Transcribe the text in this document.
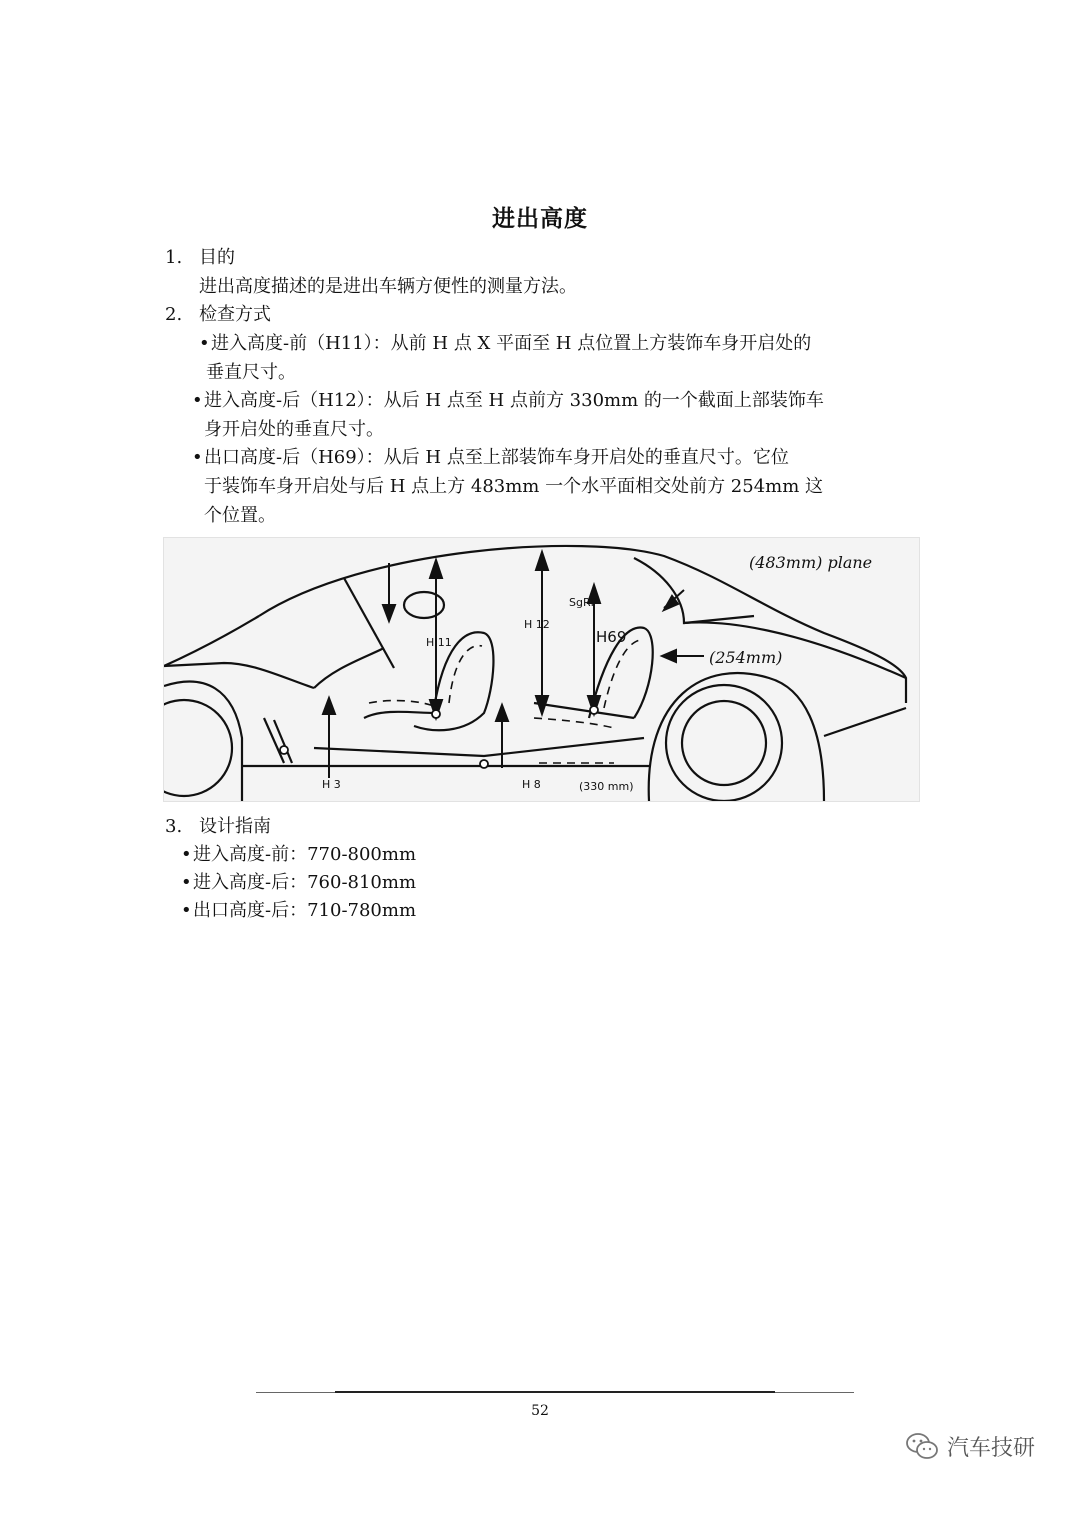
进出高度
1. 目的
进出高度描述的是进出车辆方便性的测量方法。
2. 检查方式
•进入高度-前（H11）：从前 H 点 X 平面至 H 点位置上方装饰车身开启处的
垂直尺寸。
•进入高度-后（H12）：从后 H 点至 H 点前方 330mm 的一个截面上部装饰车
身开启处的垂直尺寸。
•出口高度-后（H69）：从后 H 点至上部装饰车身开启处的垂直尺寸。它位
于装饰车身开启处与后 H 点上方 483mm 一个水平面相交处前方 254mm 这
个位置。
H 11
H 12
SgRP
H69
H 3	H 8	(330 mm)
(483mm) plane
(254mm)
3. 设计指南
•进入高度-前：770-800mm
•进入高度-后：760-810mm
•出口高度-后：710-780mm
52
汽车技研
